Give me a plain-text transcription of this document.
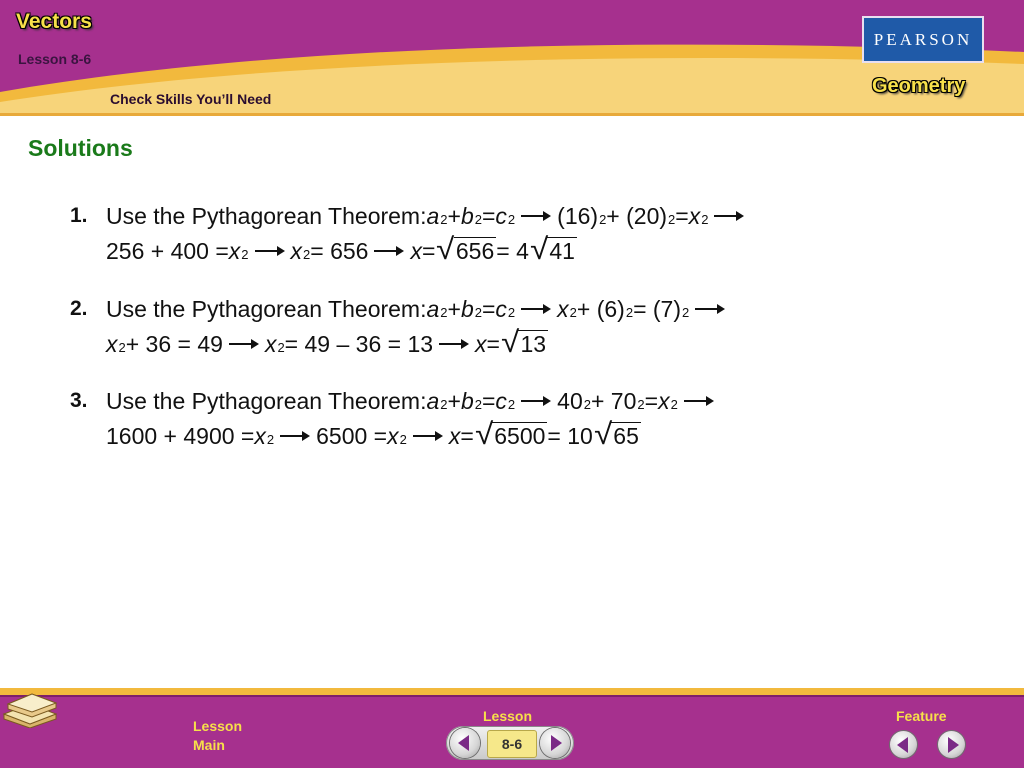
Vectors
Lesson 8-6
Check Skills You’ll Need
PEARSON
Geometry
Solutions
1. Use the Pythagorean Theorem: a 2 + b 2 = c 2 (16) 2 + (20) 2 = x 2
256 + 400 = x 2 x 2 = 656 x = √ 656 = 4 √ 41
2. Use the Pythagorean Theorem: a 2 + b 2 = c 2 x 2 + (6) 2 = (7) 2
x 2 + 36 = 49 x 2 = 49 – 36 = 13 x = √ 13
3. Use the Pythagorean Theorem: a 2 + b 2 = c 2 40 2 + 70 2 = x 2
1600 + 4900 = x 2 6500 = x 2 x = √ 6500 = 10 √ 65
Lesson
Main
Lesson
8-6
Feature
